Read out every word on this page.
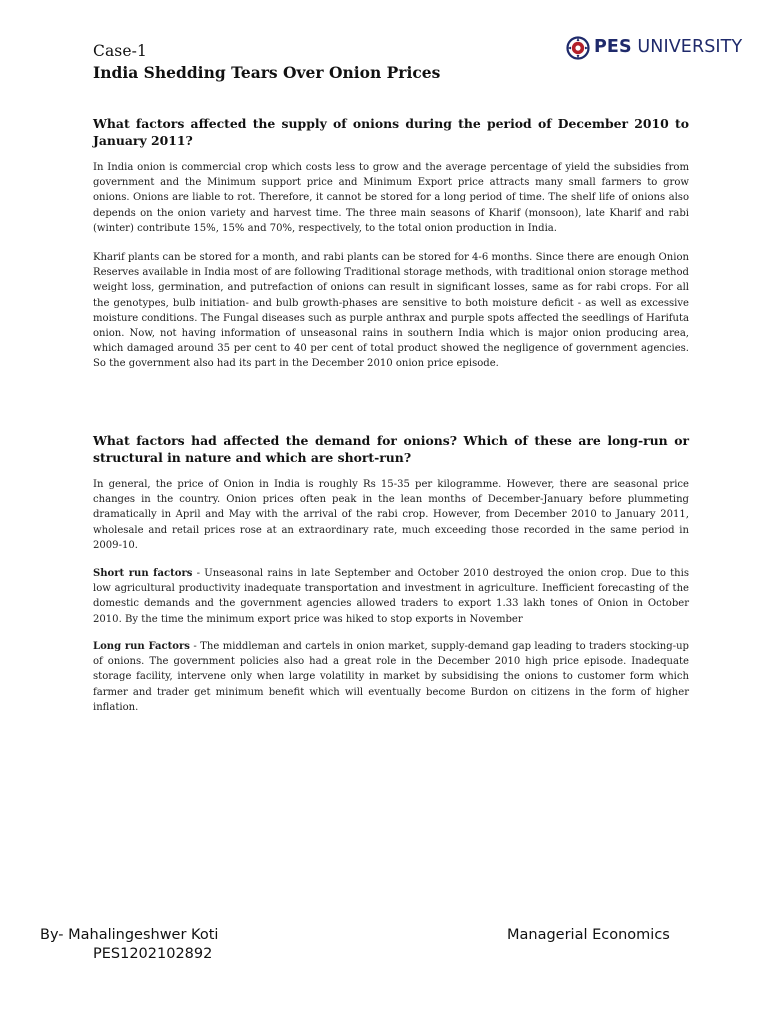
Case-1
India Shedding Tears Over Onion Prices
PES UNIVERSITY

What factors affected the supply of onions during the period of December 2010 to January 2011?

In India onion is commercial crop which costs less to grow and the average percentage of yield the subsidies from government and the Minimum support price and Minimum Export price attracts many small farmers to grow onions. Onions are liable to rot. Therefore, it cannot be stored for a long period of time. The shelf life of onions also depends on the onion variety and harvest time. The three main seasons of Kharif (monsoon), late Kharif and rabi (winter) contribute 15%, 15% and 70%, respectively, to the total onion production in India.

Kharif plants can be stored for a month, and rabi plants can be stored for 4-6 months. Since there are enough Onion Reserves available in India most of are following Traditional storage methods, with traditional onion storage method weight loss, germination, and putrefaction of onions can result in significant losses, same as for rabi crops. For all the genotypes, bulb initiation- and bulb growth-phases are sensitive to both moisture deficit - as well as excessive moisture conditions. The Fungal diseases such as purple anthrax and purple spots affected the seedlings of Harifuta onion. Now, not having information of unseasonal rains in southern India which is major onion producing area, which damaged around 35 per cent to 40 per cent of total product showed the negligence of government agencies. So the government also had its part in the December 2010 onion price episode.

What factors had affected the demand for onions? Which of these are long-run or structural in nature and which are short-run?

In general, the price of Onion in India is roughly Rs 15-35 per kilogramme. However, there are seasonal price changes in the country. Onion prices often peak in the lean months of December-January before plummeting dramatically in April and May with the arrival of the rabi crop. However, from December 2010 to January 2011, wholesale and retail prices rose at an extraordinary rate, much exceeding those recorded in the same period in 2009-10.

Short run factors - Unseasonal rains in late September and October 2010 destroyed the onion crop. Due to this low agricultural productivity inadequate transportation and investment in agriculture. Inefficient forecasting of the domestic demands and the government agencies allowed traders to export 1.33 lakh tones of Onion in October 2010. By the time the minimum export price was hiked to stop exports in November

Long run Factors - The middleman and cartels in onion market, supply-demand gap leading to traders stocking-up of onions. The government policies also had a great role in the December 2010 high price episode. Inadequate storage facility, intervene only when large volatility in market by subsidising the onions to customer form which farmer and trader get minimum benefit which will eventually become Burdon on citizens in the form of higher inflation.

By- Mahalingeshwer Koti
PES1202102892
Managerial Economics
